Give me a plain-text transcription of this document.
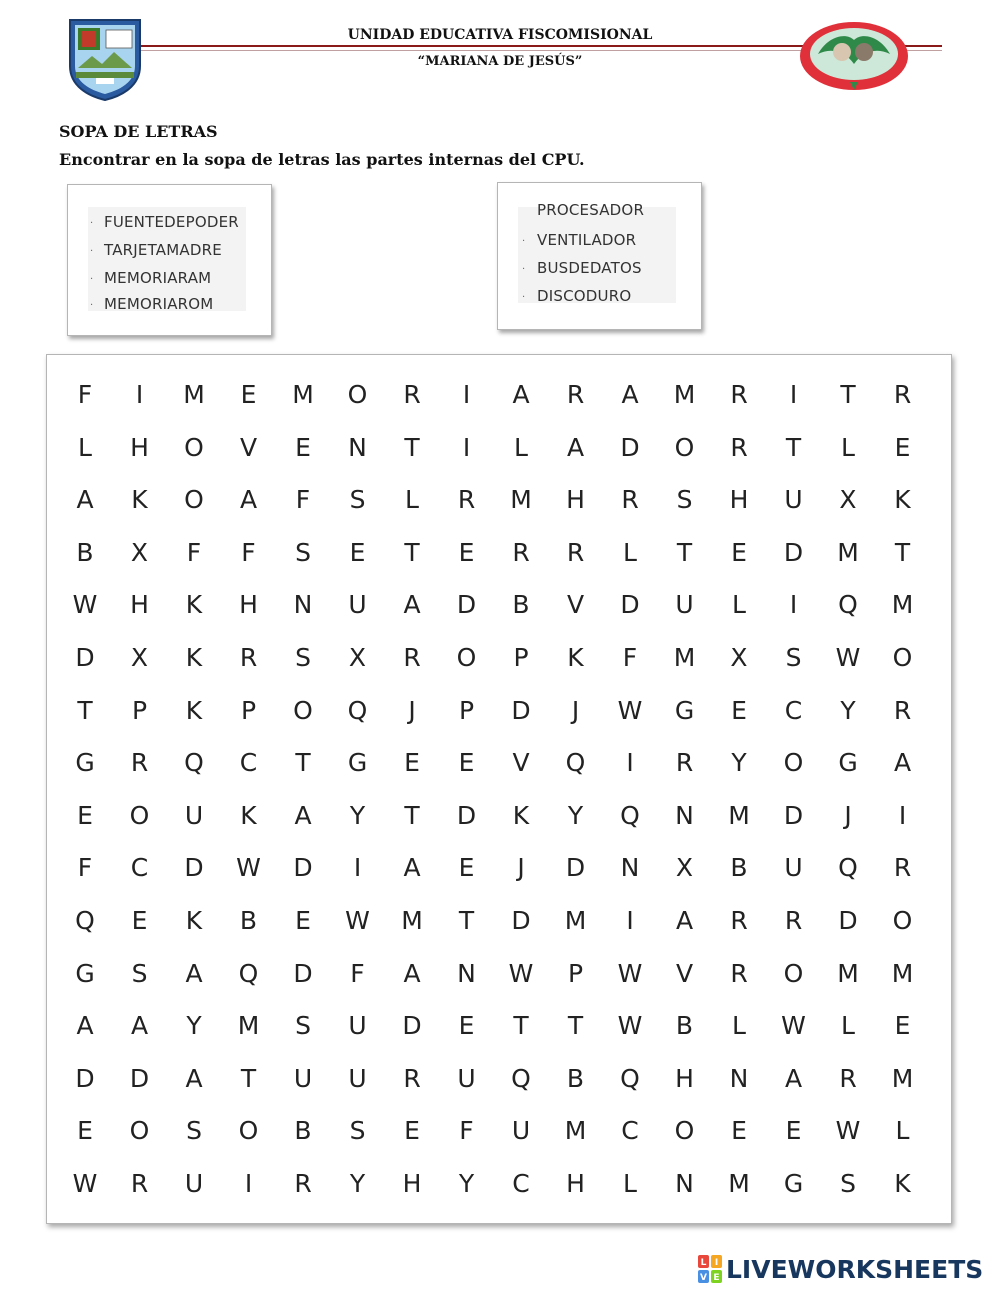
UNIDAD EDUCATIVA FISCOMISIONAL
“MARIANA DE JESÚS”
SOPA DE LETRAS
Encontrar en la sopa de letras las partes internas del CPU.
. FUENTEDEPODER
. TARJETAMADRE
. MEMORIARAM
. MEMORIAROM
PROCESADOR
. VENTILADOR
. BUSDEDATOS
. DISCODURO
F	I	M	E	M	O	R	I	A	R	A	M	R	I	T	R
L	H	O	V	E	N	T	I	L	A	D	O	R	T	L	E
A	K	O	A	F	S	L	R	M	H	R	S	H	U	X	K
B	X	F	F	S	E	T	E	R	R	L	T	E	D	M	T
W	H	K	H	N	U	A	D	B	V	D	U	L	I	Q	M
D	X	K	R	S	X	R	O	P	K	F	M	X	S	W	O
T	P	K	P	O	Q	J	P	D	J	W	G	E	C	Y	R
G	R	Q	C	T	G	E	E	V	Q	I	R	Y	O	G	A
E	O	U	K	A	Y	T	D	K	Y	Q	N	M	D	J	I
F	C	D	W	D	I	A	E	J	D	N	X	B	U	Q	R
Q	E	K	B	E	W	M	T	D	M	I	A	R	R	D	O
G	S	A	Q	D	F	A	N	W	P	W	V	R	O	M	M
A	A	Y	M	S	U	D	E	T	T	W	B	L	W	L	E
D	D	A	T	U	U	R	U	Q	B	Q	H	N	A	R	M
E	O	S	O	B	S	E	F	U	M	C	O	E	E	W	L
W	R	U	I	R	Y	H	Y	C	H	L	N	M	G	S	K
L I
V E LIVEWORKSHEETS
